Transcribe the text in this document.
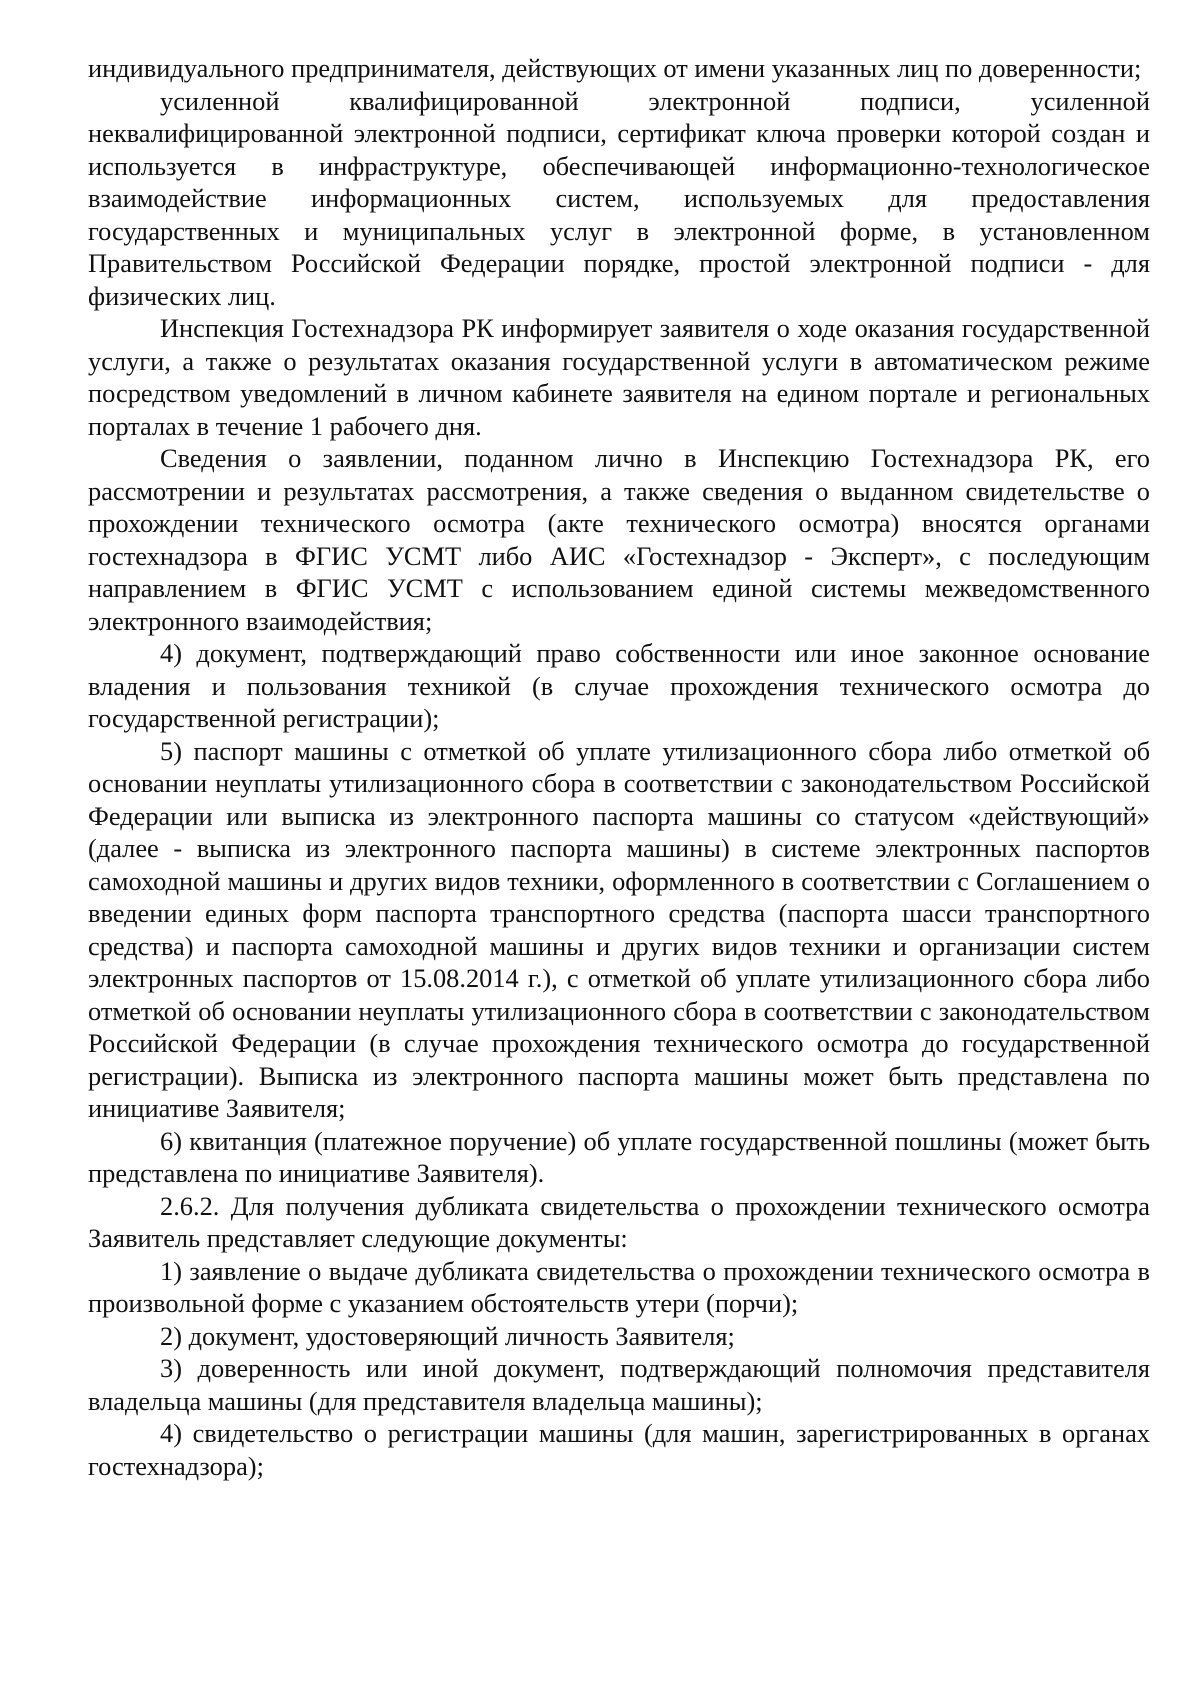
индивидуального предпринимателя, действующих от имени указанных лиц по доверенности;

усиленной квалифицированной электронной подписи, усиленной неквалифицированной электронной подписи, сертификат ключа проверки которой создан и используется в инфраструктуре, обеспечивающей информационно-технологическое взаимодействие информационных систем, используемых для предоставления государственных и муниципальных услуг в электронной форме, в установленном Правительством Российской Федерации порядке, простой электронной подписи - для физических лиц.

Инспекция Гостехнадзора РК информирует заявителя о ходе оказания государственной услуги, а также о результатах оказания государственной услуги в автоматическом режиме посредством уведомлений в личном кабинете заявителя на едином портале и региональных порталах в течение 1 рабочего дня.

Сведения о заявлении, поданном лично в Инспекцию Гостехнадзора РК, его рассмотрении и результатах рассмотрения, а также сведения о выданном свидетельстве о прохождении технического осмотра (акте технического осмотра) вносятся органами гостехнадзора в ФГИС УСМТ либо АИС «Гостехнадзор - Эксперт», с последующим направлением в ФГИС УСМТ с использованием единой системы межведомственного электронного взаимодействия;

4) документ, подтверждающий право собственности или иное законное основание владения и пользования техникой (в случае прохождения технического осмотра до государственной регистрации);

5) паспорт машины с отметкой об уплате утилизационного сбора либо отметкой об основании неуплаты утилизационного сбора в соответствии с законодательством Российской Федерации или выписка из электронного паспорта машины со статусом «действующий» (далее - выписка из электронного паспорта машины) в системе электронных паспортов самоходной машины и других видов техники, оформленного в соответствии с Соглашением о введении единых форм паспорта транспортного средства (паспорта шасси транспортного средства) и паспорта самоходной машины и других видов техники и организации систем электронных паспортов от 15.08.2014 г.), с отметкой об уплате утилизационного сбора либо отметкой об основании неуплаты утилизационного сбора в соответствии с законодательством Российской Федерации (в случае прохождения технического осмотра до государственной регистрации). Выписка из электронного паспорта машины может быть представлена по инициативе Заявителя;

6) квитанция (платежное поручение) об уплате государственной пошлины (может быть представлена по инициативе Заявителя).

2.6.2. Для получения дубликата свидетельства о прохождении технического осмотра Заявитель представляет следующие документы:

1) заявление о выдаче дубликата свидетельства о прохождении технического осмотра в произвольной форме с указанием обстоятельств утери (порчи);

2) документ, удостоверяющий личность Заявителя;

3) доверенность или иной документ, подтверждающий полномочия представителя владельца машины (для представителя владельца машины);

4) свидетельство о регистрации машины (для машин, зарегистрированных в органах гостехнадзора);
